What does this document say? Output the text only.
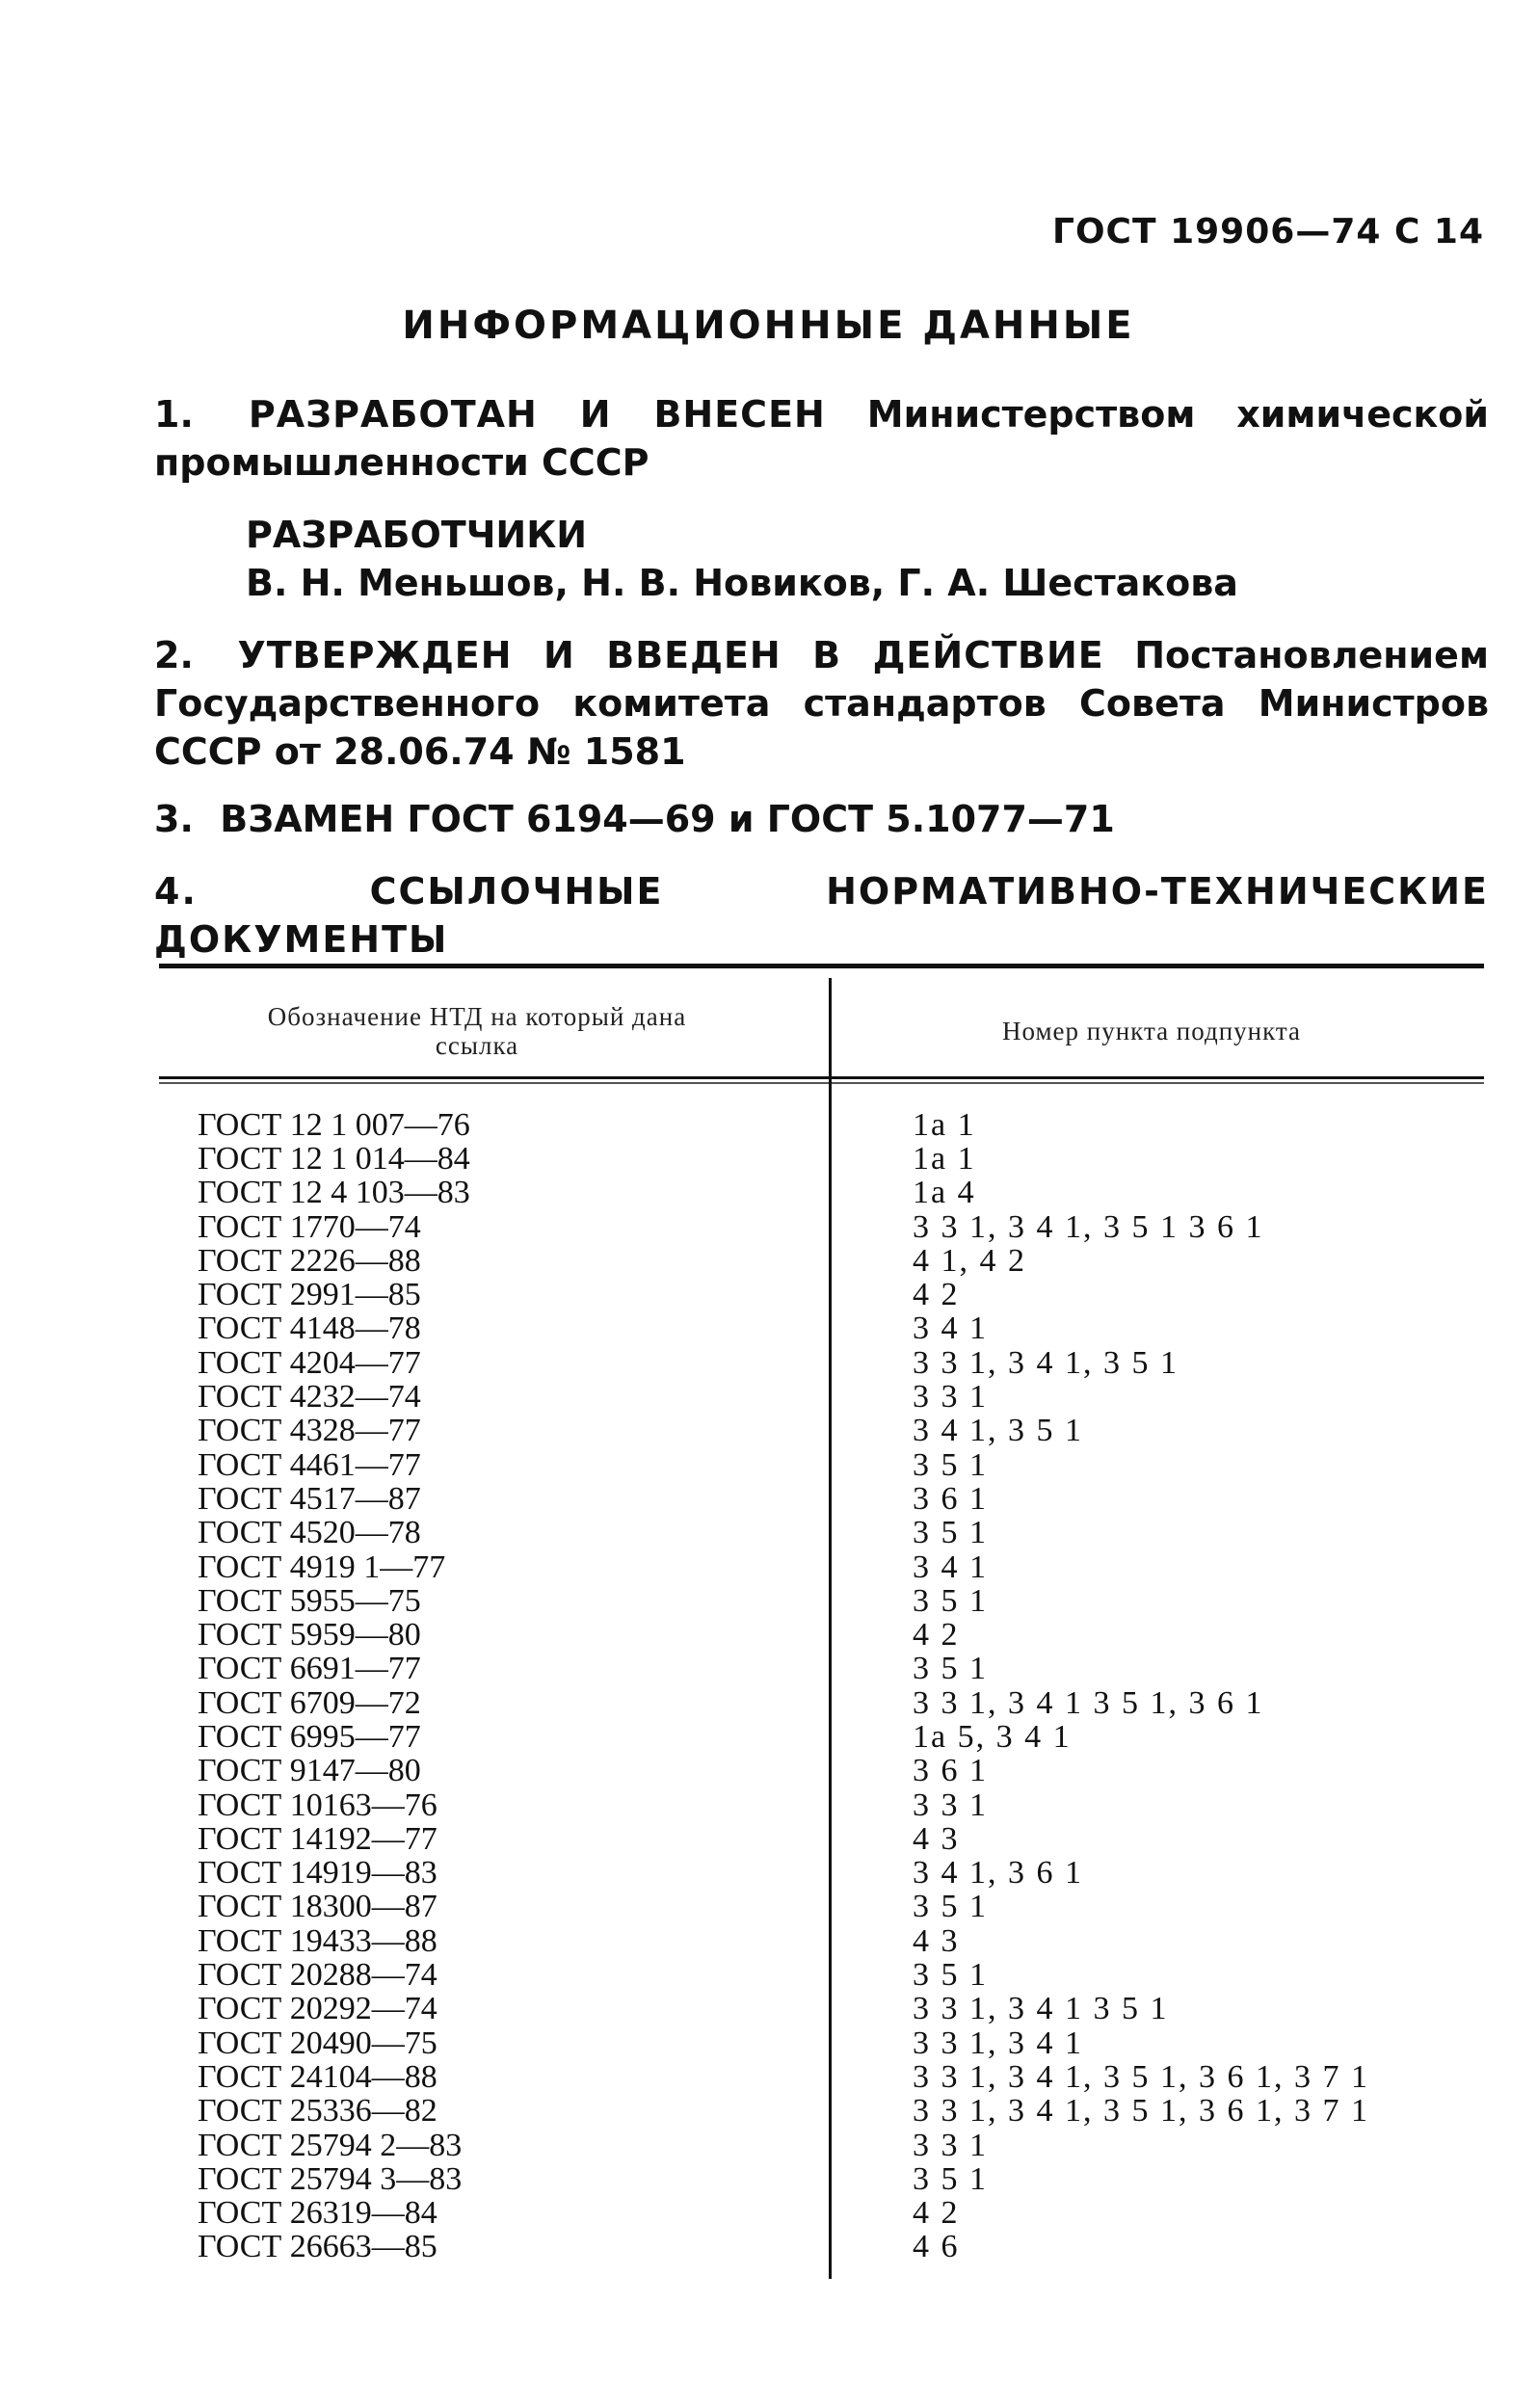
ГОСТ 19906—74 С 14
ИНФОРМАЦИОННЫЕ ДАННЫЕ
1. РАЗРАБОТАН И ВНЕСЕН Министерством химической промышленности СССР
РАЗРАБОТЧИКИ
В. Н. Меньшов, Н. В. Новиков, Г. А. Шестакова
2. УТВЕРЖДЕН И ВВЕДЕН В ДЕЙСТВИЕ Постановлением Государственного комитета стандартов Совета Министров СССР от 28.06.74 № 1581
3. ВЗАМЕН ГОСТ 6194—69 и ГОСТ 5.1077—71
4.	ССЫЛОЧНЫЕ НОРМАТИВНО-ТЕХНИЧЕСКИЕ ДОКУМЕНТЫ
Обозначение НТД на который дана ссылка	Номер пункта подпункта
ГОСТ 12 1 007—76	1а 1
ГОСТ 12 1 014—84	1а 1
ГОСТ 12 4 103—83	1а 4
ГОСТ 1770—74	3 3 1, 3 4 1, 3 5 1 3 6 1
ГОСТ 2226—88	4 1, 4 2
ГОСТ 2991—85	4 2
ГОСТ 4148—78	3 4 1
ГОСТ 4204—77	3 3 1, 3 4 1, 3 5 1
ГОСТ 4232—74	3 3 1
ГОСТ 4328—77	3 4 1, 3 5 1
ГОСТ 4461—77	3 5 1
ГОСТ 4517—87	3 6 1
ГОСТ 4520—78	3 5 1
ГОСТ 4919 1—77	3 4 1
ГОСТ 5955—75	3 5 1
ГОСТ 5959—80	4 2
ГОСТ 6691—77	3 5 1
ГОСТ 6709—72	3 3 1, 3 4 1 3 5 1, 3 6 1
ГОСТ 6995—77	1а 5, 3 4 1
ГОСТ 9147—80	3 6 1
ГОСТ 10163—76	3 3 1
ГОСТ 14192—77	4 3
ГОСТ 14919—83	3 4 1, 3 6 1
ГОСТ 18300—87	3 5 1
ГОСТ 19433—88	4 3
ГОСТ 20288—74	3 5 1
ГОСТ 20292—74	3 3 1, 3 4 1 3 5 1
ГОСТ 20490—75	3 3 1, 3 4 1
ГОСТ 24104—88	3 3 1, 3 4 1, 3 5 1, 3 6 1, 3 7 1
ГОСТ 25336—82	3 3 1, 3 4 1, 3 5 1, 3 6 1, 3 7 1
ГОСТ 25794 2—83	3 3 1
ГОСТ 25794 3—83	3 5 1
ГОСТ 26319—84	4 2
ГОСТ 26663—85	4 6
